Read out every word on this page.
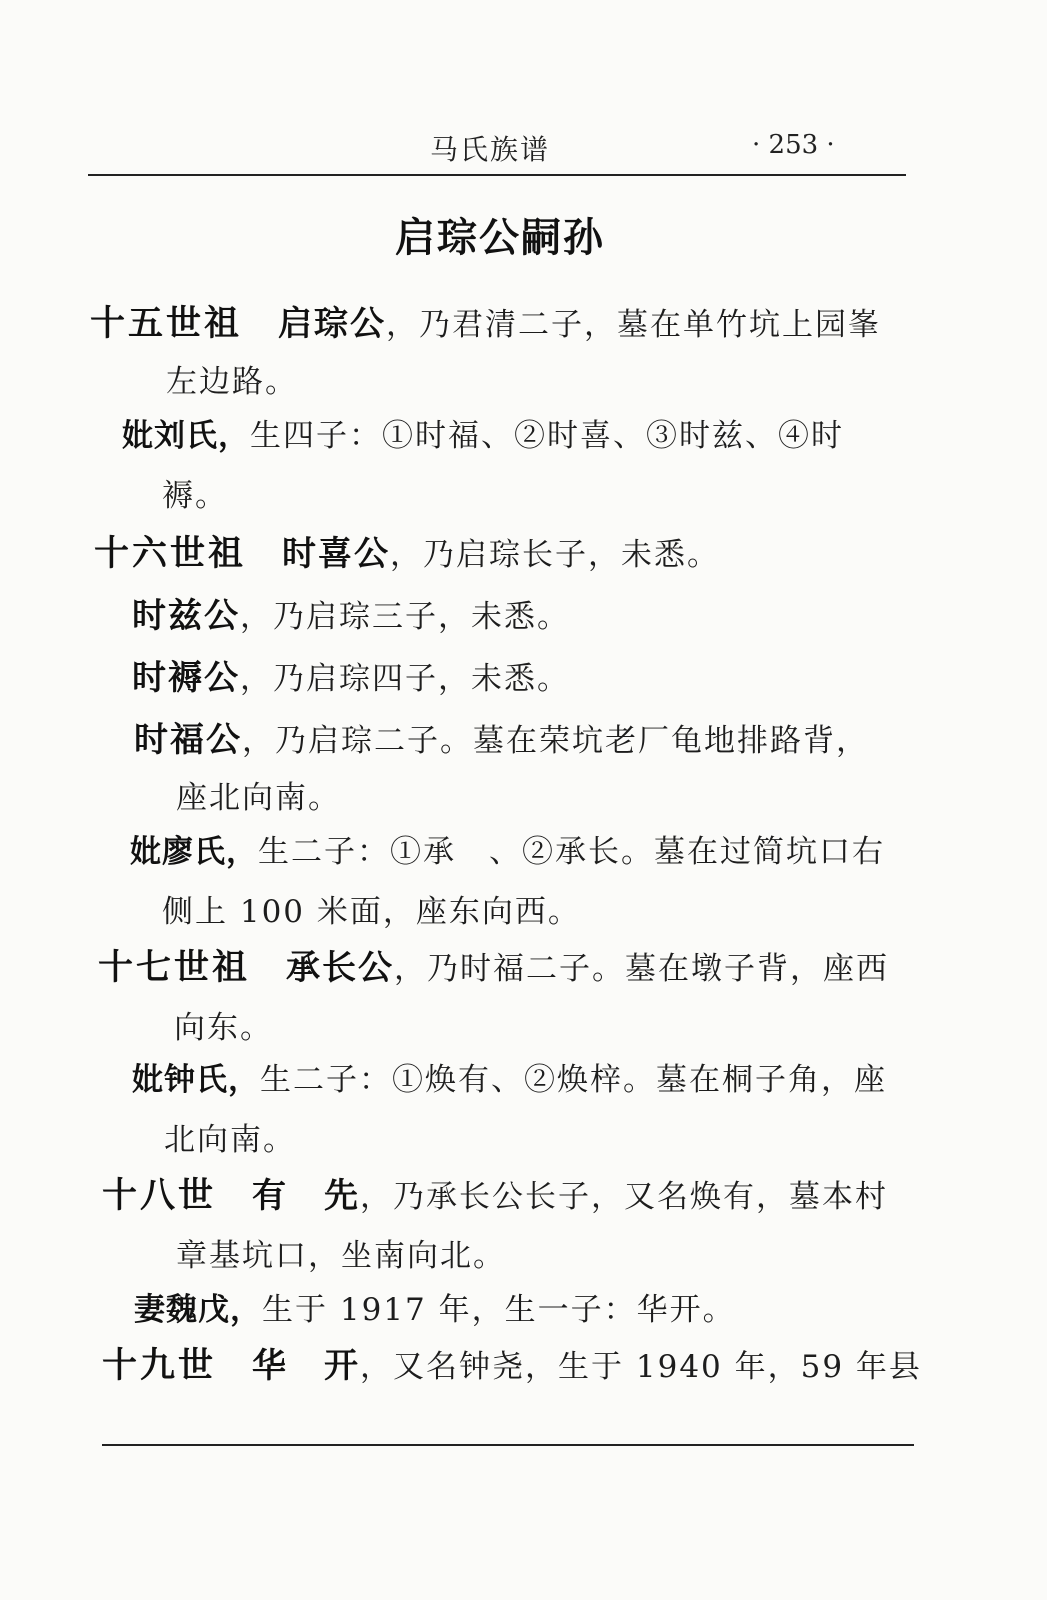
马氏族谱	· 253 ·
启琮公嗣孙
十五世祖 启琮公，乃君清二子，墓在单竹坑上园峯
左边路。
妣刘氏，生四子：①时福、②时喜、③时兹、④时
褥。
十六世祖 时喜公，乃启琮长子，未悉。
时兹公，乃启琮三子，未悉。
时褥公，乃启琮四子，未悉。
时福公，乃启琮二子。墓在荣坑老厂龟地排路背，
座北向南。
妣廖氏，生二子：①承　、②承长。墓在过简坑口右
侧上 100 米面，座东向西。
十七世祖 承长公，乃时福二子。墓在墩子背，座西
向东。
妣钟氏，生二子：①焕有、②焕梓。墓在桐子角，座
北向南。
十八世 有　先，乃承长公长子，又名焕有，墓本村
章基坑口，坐南向北。
妻魏戊，生于 1917 年，生一子：华开。
十九世 华　开，又名钟尧，生于 1940 年，59 年县
